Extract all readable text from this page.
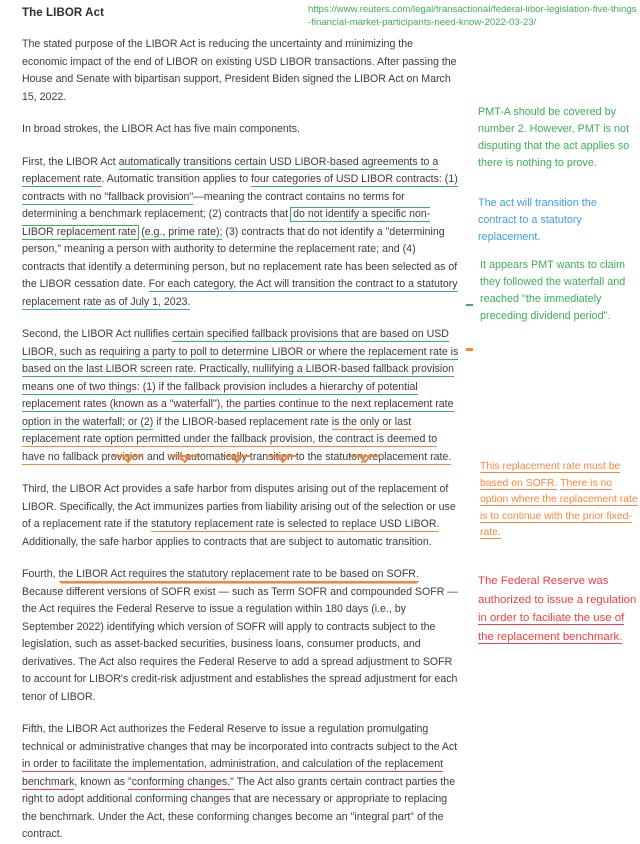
https://www.reuters.com/legal/transactional/federal-libor-legislation-five-things-financial-market-participants-need-know-2022-03-23/
The LIBOR Act

The stated purpose of the LIBOR Act is reducing the uncertainty and minimizing the economic impact of the end of LIBOR on existing USD LIBOR transactions. After passing the House and Senate with bipartisan support, President Biden signed the LIBOR Act on March 15, 2022.

In broad strokes, the LIBOR Act has five main components.

First, the LIBOR Act automatically transitions certain USD LIBOR-based agreements to a replacement rate. Automatic transition applies to four categories of USD LIBOR contracts: (1) contracts with no "fallback provision"—meaning the contract contains no terms for determining a benchmark replacement; (2) contracts that do not identify a specific non-LIBOR replacement rate (e.g., prime rate); (3) contracts that do not identify a "determining person," meaning a person with authority to determine the replacement rate; and (4) contracts that identify a determining person, but no replacement rate has been selected as of the LIBOR cessation date. For each category, the Act will transition the contract to a statutory replacement rate as of July 1, 2023.

Second, the LIBOR Act nullifies certain specified fallback provisions that are based on USD LIBOR, such as requiring a party to poll to determine LIBOR or where the replacement rate is based on the last LIBOR screen rate. Practically, nullifying a LIBOR-based fallback provision means one of two things: (1) if the fallback provision includes a hierarchy of potential replacement rates (known as a "waterfall"), the parties continue to the next replacement rate option in the waterfall; or (2) if the LIBOR-based replacement rate is the only or last replacement rate option permitted under the fallback provision, the contract is deemed to have no fallback provision and will automatically transition to the statutory replacement rate.

Third, the LIBOR Act provides a safe harbor from disputes arising out of the replacement of LIBOR. Specifically, the Act immunizes parties from liability arising out of the selection or use of a replacement rate if the statutory replacement rate is selected to replace USD LIBOR. Additionally, the safe harbor applies to contracts that are subject to automatic transition.

Fourth, the LIBOR Act requires the statutory replacement rate to be based on SOFR. Because different versions of SOFR exist — such as Term SOFR and compounded SOFR — the Act requires the Federal Reserve to issue a regulation within 180 days (i.e., by September 2022) identifying which version of SOFR will apply to contracts subject to the legislation, such as asset-backed securities, business loans, consumer products, and derivatives. The Act also requires the Federal Reserve to add a spread adjustment to SOFR to account for LIBOR's credit-risk adjustment and establishes the spread adjustment for each tenor of LIBOR.

Fifth, the LIBOR Act authorizes the Federal Reserve to issue a regulation promulgating technical or administrative changes that may be incorporated into contracts subject to the Act in order to facilitate the implementation, administration, and calculation of the replacement benchmark, known as "conforming changes." The Act also grants certain contract parties the right to adopt additional conforming changes that are necessary or appropriate to replacing the benchmark. Under the Act, these conforming changes become an "integral part" of the contract.

PMT-A should be covered by number 2. However, PMT is not disputing that the act applies so there is nothing to prove.
The act will transition the contract to a statutory replacement.
It appears PMT wants to claim they followed the waterfall and reached "the immediately preceding dividend period".
This replacement rate must be based on SOFR. There is no option where the replacement rate is to continue with the prior fixed-rate.
The Federal Reserve was authorized to issue a regulation in order to faciliate the use of the replacement benchmark.
